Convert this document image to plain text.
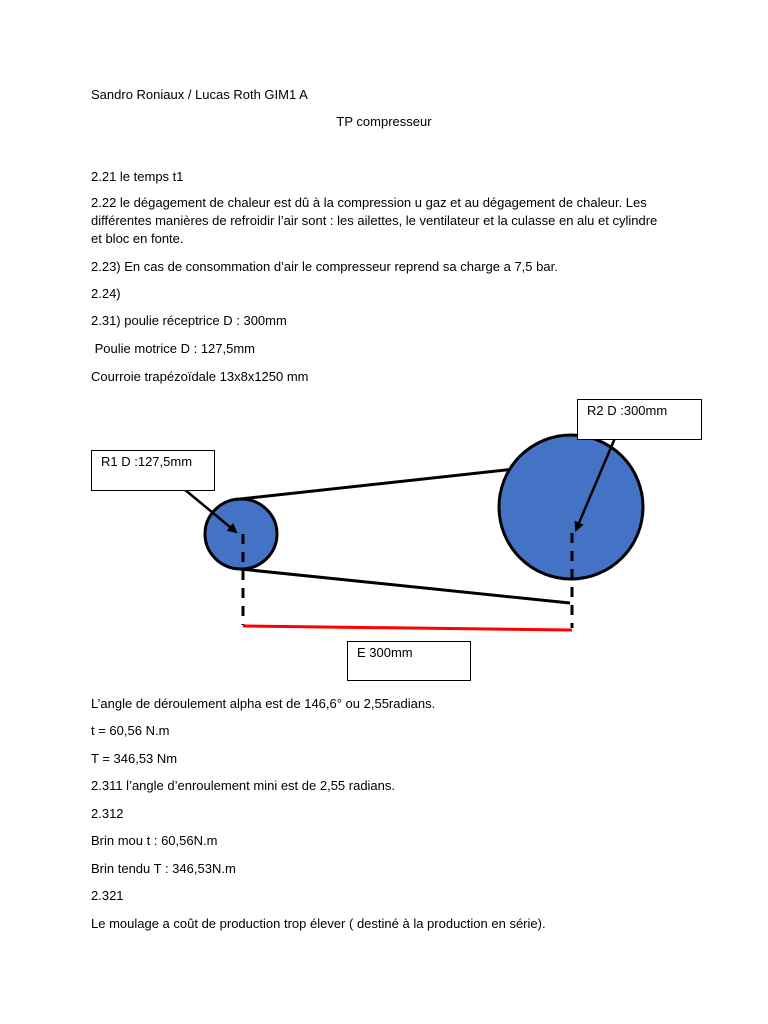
Sandro Roniaux / Lucas Roth GIM1 A
TP compresseur
2.21 le temps t1
2.22 le dégagement de chaleur est dû à la compression u gaz et au dégagement de chaleur. Les différentes manières de refroidir l’air sont : les ailettes, le ventilateur et la culasse en alu et cylindre et bloc en fonte.
2.23) En cas de consommation d’air le compresseur reprend sa charge a 7,5 bar.
2.24)
2.31) poulie réceptrice D : 300mm
Poulie motrice D : 127,5mm
Courroie trapézoïdale 13x8x1250 mm
R2 D :300mm
R1 D :127,5mm
E 300mm
L’angle de déroulement alpha est de 146,6° ou 2,55radians.
t = 60,56 N.m
T = 346,53 Nm
2.311 l’angle d’enroulement mini est de 2,55 radians.
2.312
Brin mou t : 60,56N.m
Brin tendu T : 346,53N.m
2.321
Le moulage a coût de production trop élever ( destiné à la production en série).
